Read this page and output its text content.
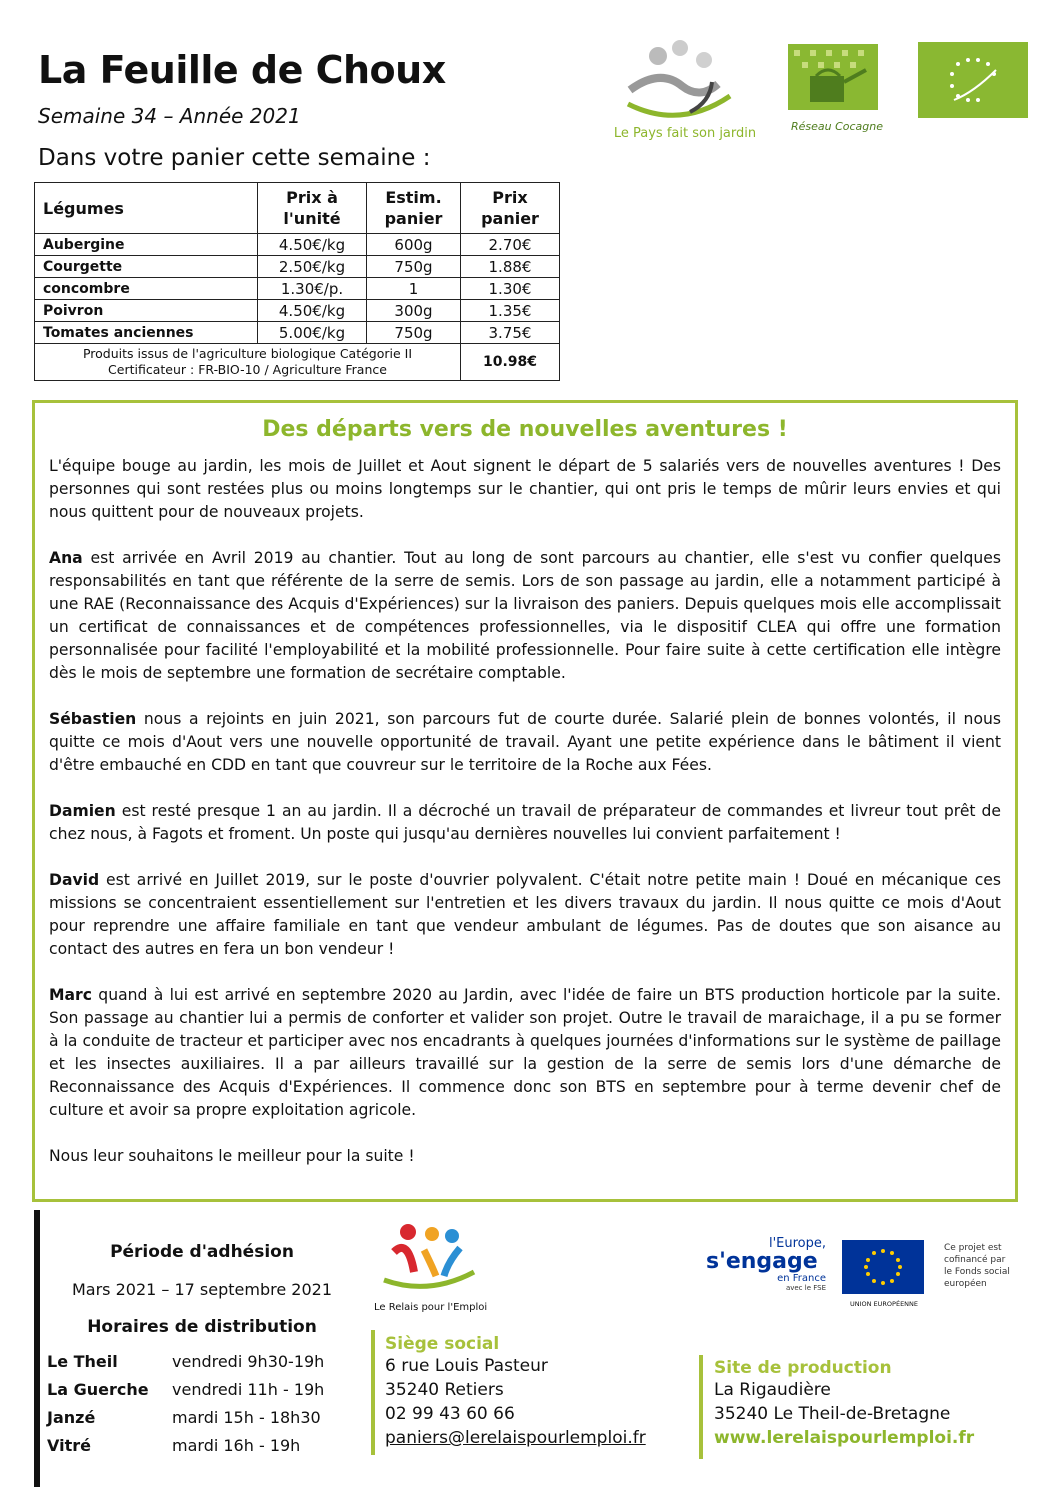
La Feuille de Choux
Semaine 34 – Année 2021
Dans votre panier cette semaine :
Le Pays fait son jardin	Réseau Cocagne
Légumes	Prix à l'unité	Estim. panier	Prix panier
Aubergine	4.50€/kg	600g	2.70€
Courgette	2.50€/kg	750g	1.88€
concombre	1.30€/p.	1	1.30€
Poivron	4.50€/kg	300g	1.35€
Tomates anciennes	5.00€/kg	750g	3.75€

Produits issus de l'agriculture biologique Catégorie II
Certificateur : FR-BIO-10 / Agriculture France			10.98€
Des départs vers de nouvelles aventures !

L'équipe bouge au jardin, les mois de Juillet et Aout signent le départ de 5 salariés vers de nouvelles aventures ! Des personnes qui sont restées plus ou moins longtemps sur le chantier, qui ont pris le temps de mûrir leurs envies et qui nous quittent pour de nouveaux projets.

Ana est arrivée en Avril 2019 au chantier. Tout au long de sont parcours au chantier, elle s'est vu confier quelques responsabilités en tant que référente de la serre de semis. Lors de son passage au jardin, elle a notamment participé à une RAE (Reconnaissance des Acquis d'Expériences) sur la livraison des paniers. Depuis quelques mois elle accomplissait un certificat de connaissances et de compétences professionnelles, via le dispositif CLEA qui offre une formation personnalisée pour facilité l'employabilité et la mobilité professionnelle. Pour faire suite à cette certification elle intègre dès le mois de septembre une formation de secrétaire comptable.

Sébastien nous a rejoints en juin 2021, son parcours fut de courte durée. Salarié plein de bonnes volontés, il nous quitte ce mois d'Aout vers une nouvelle opportunité de travail. Ayant une petite expérience dans le bâtiment il vient d'être embauché en CDD en tant que couvreur sur le territoire de la Roche aux Fées.

Damien est resté presque 1 an au jardin. Il a décroché un travail de préparateur de commandes et livreur tout prêt de chez nous, à Fagots et froment. Un poste qui jusqu'au dernières nouvelles lui convient parfaitement !

David est arrivé en Juillet 2019, sur le poste d'ouvrier polyvalent. C'était notre petite main ! Doué en mécanique ces missions se concentraient essentiellement sur l'entretien et les divers travaux du jardin. Il nous quitte ce mois d'Aout pour reprendre une affaire familiale en tant que vendeur ambulant de légumes. Pas de doutes que son aisance au contact des autres en fera un bon vendeur !

Marc quand à lui est arrivé en septembre 2020 au Jardin, avec l'idée de faire un BTS production horticole par la suite. Son passage au chantier lui a permis de conforter et valider son projet. Outre le travail de maraichage, il a pu se former à la conduite de tracteur et participer avec nos encadrants à quelques journées d'informations sur le système de paillage et les insectes auxiliaires. Il a par ailleurs travaillé sur la gestion de la serre de semis lors d'une démarche de Reconnaissance des Acquis d'Expériences. Il commence donc son BTS en septembre pour à terme devenir chef de culture et avoir sa propre exploitation agricole.

Nous leur souhaitons le meilleur pour la suite !

Période d'adhésion
Mars 2021 – 17 septembre 2021
Horaires de distribution
Le Theil	vendredi 9h30-19h
La Guerche vendredi 11h - 19h
Janzé	mardi 15h - 18h30
Vitré	mardi 16h - 19h
Le Relais pour l'Emploi
Siège social
6 rue Louis Pasteur
35240 Retiers
02 99 43 60 66
paniers@lerelaispourlemploi.fr
l'Europe,
s'engage
en France
avec le FSE
UNION EUROPÉENNE
Ce projet est cofinancé par le Fonds social européen
Site de production
La Rigaudière
35240 Le Theil-de-Bretagne
www.lerelaispourlemploi.fr
